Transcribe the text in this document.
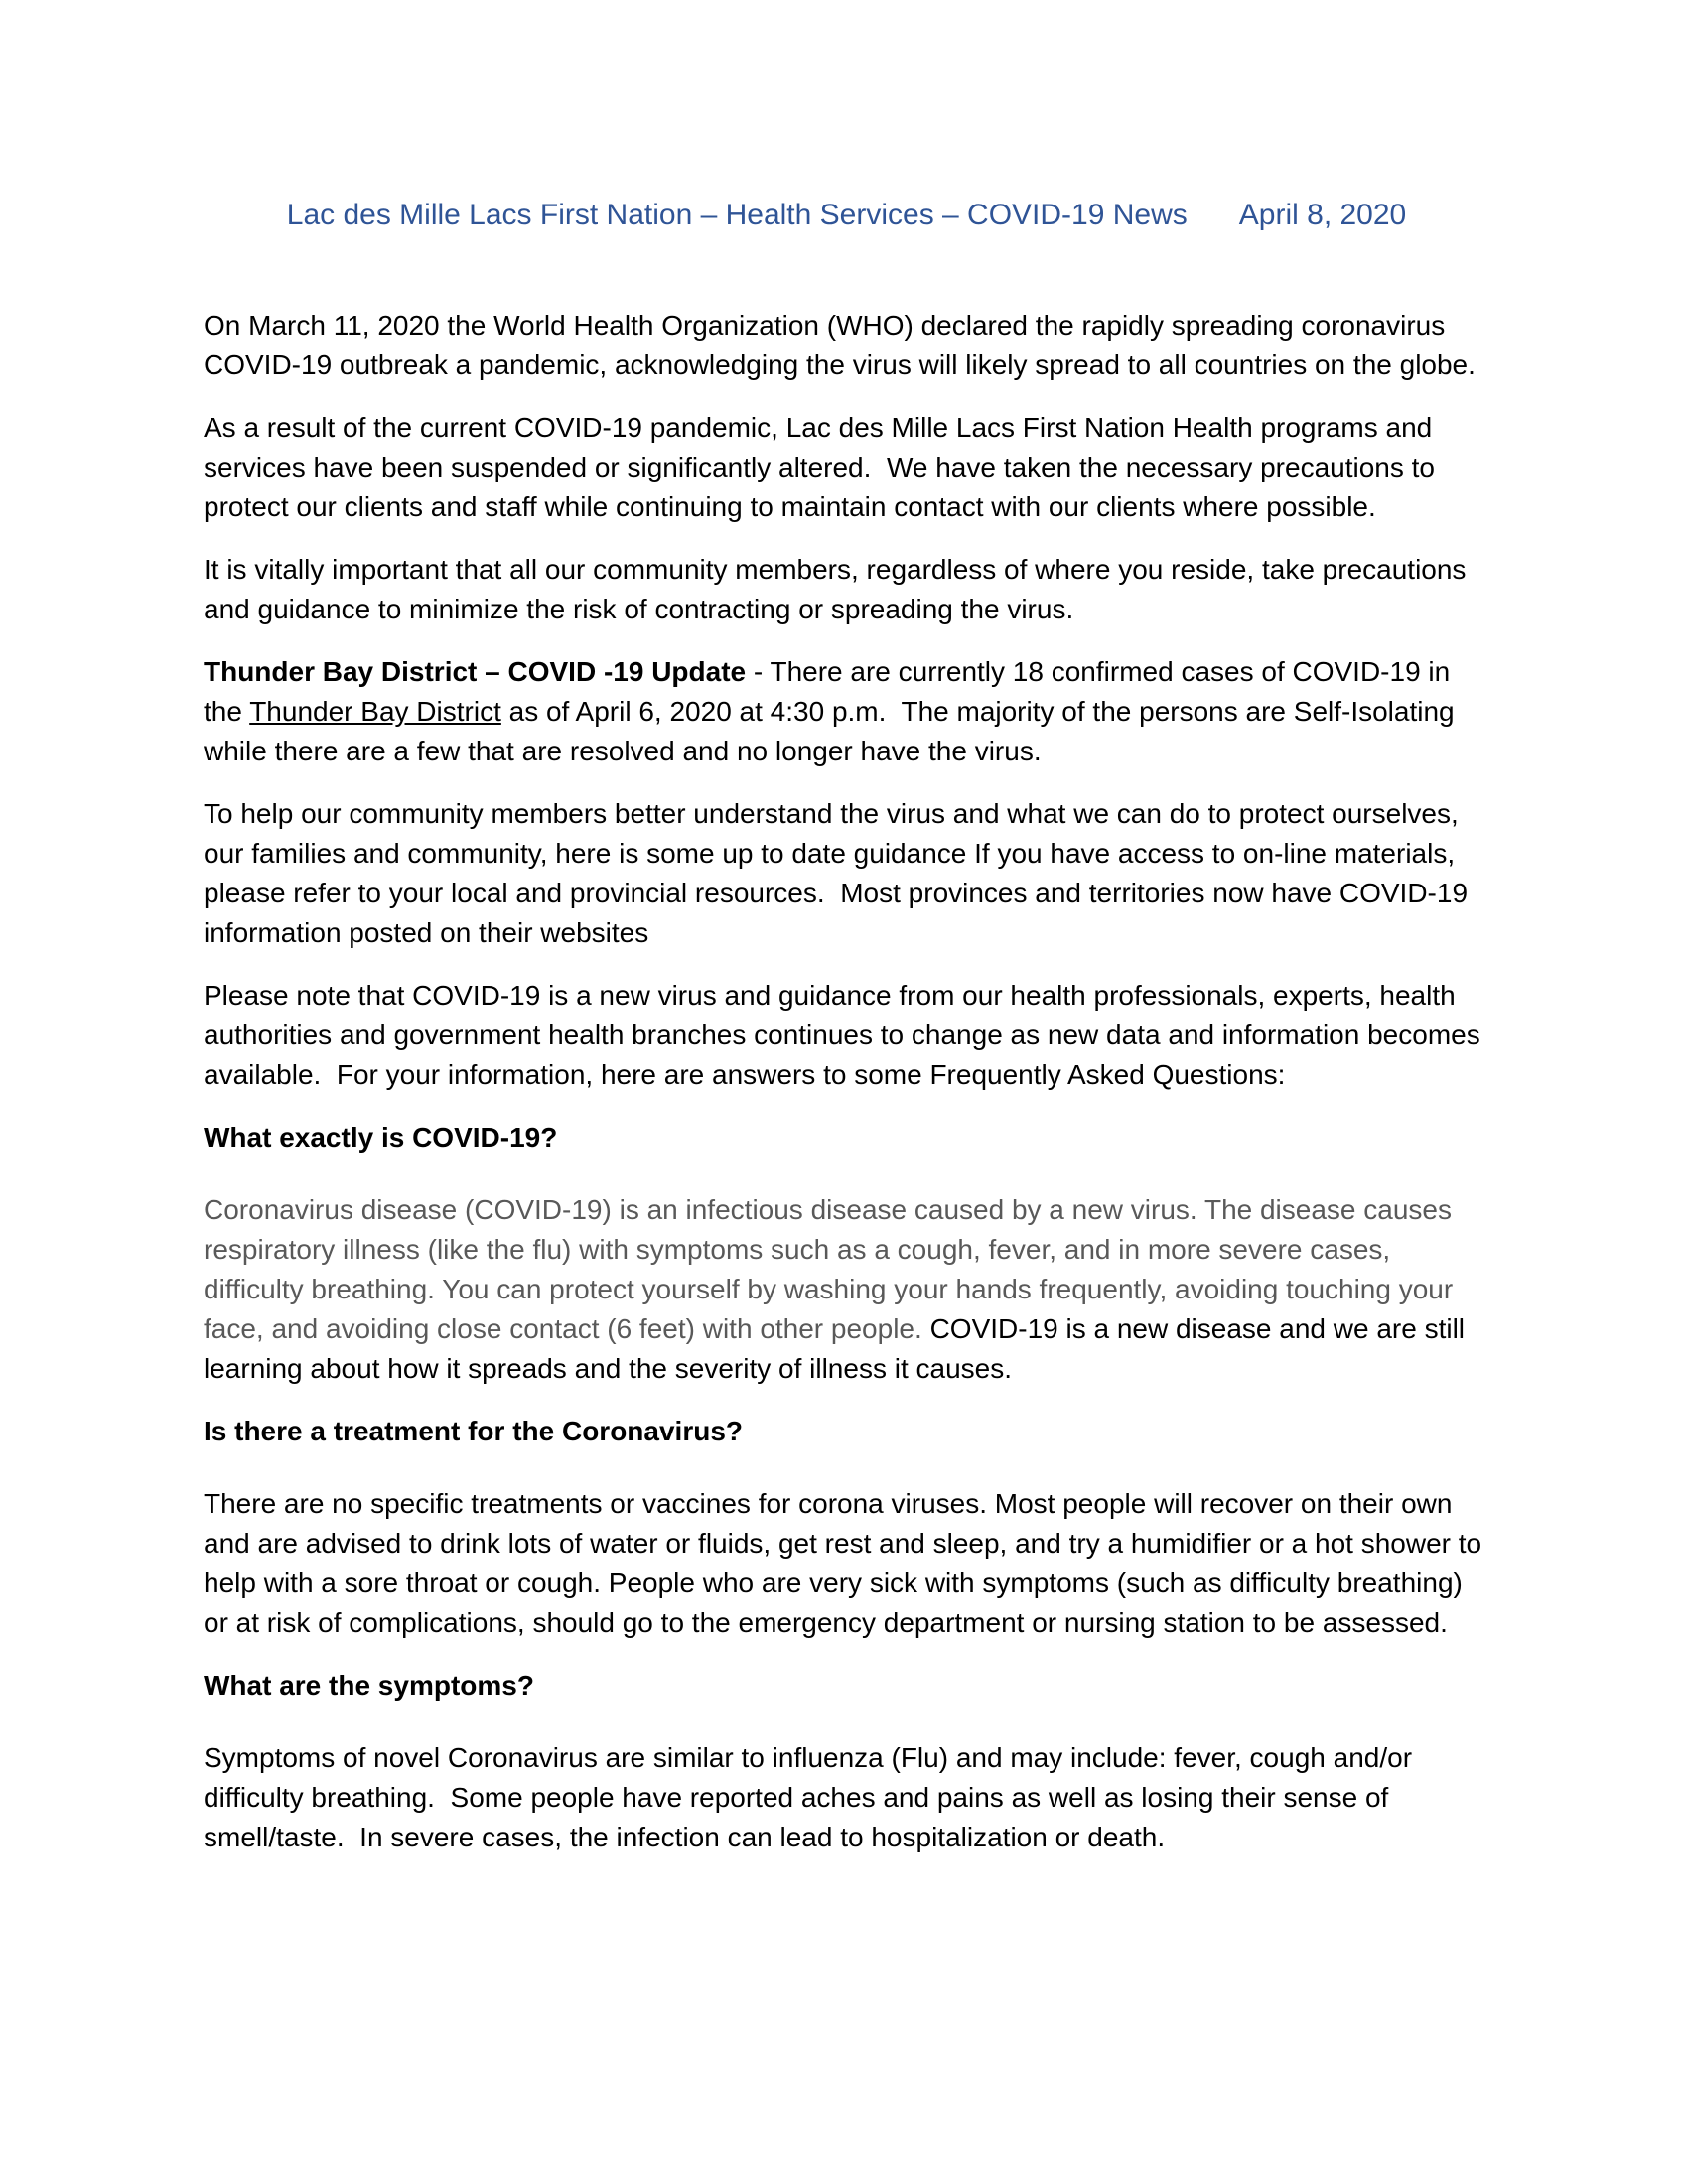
Lac des Mille Lacs First Nation – Health Services – COVID-19 News April 8, 2020

On March 11, 2020 the World Health Organization (WHO) declared the rapidly spreading coronavirus COVID-19 outbreak a pandemic, acknowledging the virus will likely spread to all countries on the globe.

As a result of the current COVID-19 pandemic, Lac des Mille Lacs First Nation Health programs and services have been suspended or significantly altered.  We have taken the necessary precautions to protect our clients and staff while continuing to maintain contact with our clients where possible.

It is vitally important that all our community members, regardless of where you reside, take precautions and guidance to minimize the risk of contracting or spreading the virus.

Thunder Bay District – COVID -19 Update - There are currently 18 confirmed cases of COVID-19 in the Thunder Bay District as of April 6, 2020 at 4:30 p.m.  The majority of the persons are Self-Isolating while there are a few that are resolved and no longer have the virus.

To help our community members better understand the virus and what we can do to protect ourselves, our families and community, here is some up to date guidance If you have access to on-line materials, please refer to your local and provincial resources.  Most provinces and territories now have COVID-19 information posted on their websites

Please note that COVID-19 is a new virus and guidance from our health professionals, experts, health authorities and government health branches continues to change as new data and information becomes available.  For your information, here are answers to some Frequently Asked Questions:

What exactly is COVID-19?

Coronavirus disease (COVID-19) is an infectious disease caused by a new virus. The disease causes respiratory illness (like the flu) with symptoms such as a cough, fever, and in more severe cases, difficulty breathing. You can protect yourself by washing your hands frequently, avoiding touching your face, and avoiding close contact (6 feet) with other people. COVID-19 is a new disease and we are still learning about how it spreads and the severity of illness it causes.

Is there a treatment for the Coronavirus?

There are no specific treatments or vaccines for corona viruses. Most people will recover on their own and are advised to drink lots of water or fluids, get rest and sleep, and try a humidifier or a hot shower to help with a sore throat or cough. People who are very sick with symptoms (such as difficulty breathing) or at risk of complications, should go to the emergency department or nursing station to be assessed.

What are the symptoms?

Symptoms of novel Coronavirus are similar to influenza (Flu) and may include: fever, cough and/or difficulty breathing.  Some people have reported aches and pains as well as losing their sense of smell/taste.  In severe cases, the infection can lead to hospitalization or death.
